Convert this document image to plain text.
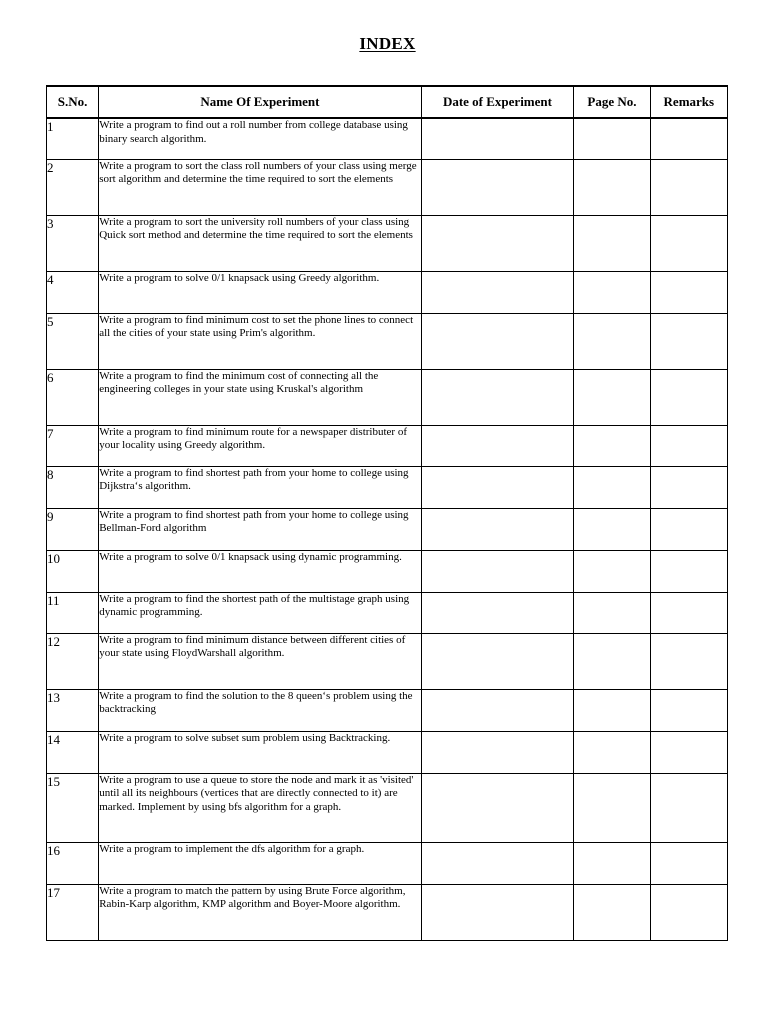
INDEX
S.No.	Name Of Experiment	Date of Experiment	Page No.	Remarks
1	Write a program to find out a roll number from college database using binary search algorithm.			
2	Write a program to sort the class roll numbers of your class using merge sort algorithm and determine the time required to sort the elements			
3	Write a program to sort the university roll numbers of your class using Quick sort method and determine the time required to sort the elements			
4	Write a program to solve 0/1 knapsack using Greedy algorithm.			
5	Write a program to find minimum cost to set the phone lines to connect all the cities of your state using Prim's algorithm.			
6	Write a program to find the minimum cost of connecting all the engineering colleges in your state using Kruskal's algorithm			
7	Write a program to find minimum route for a newspaper distributer of your locality using Greedy algorithm.			
8	Write a program to find shortest path from your home to college using Dijkstra‘s algorithm.			
9	Write a program to find shortest path from your home to college using Bellman-Ford algorithm			
10	Write a program to solve 0/1 knapsack using dynamic programming.			
11	Write a program to find the shortest path of the multistage graph using dynamic programming.			
12	Write a program to find minimum distance between different cities of your state using FloydWarshall algorithm.			
13	Write a program to find the solution to the 8 queen‘s problem using the backtracking			
14	Write a program to solve subset sum problem using Backtracking.			
15	Write a program to use a queue to store the node and mark it as 'visited' until all its neighbours (vertices that are directly connected to it) are marked. Implement by using bfs algorithm for a graph.			
16	Write a program to implement the dfs algorithm for a graph.			
17	Write a program to match the pattern by using Brute Force algorithm, Rabin-Karp algorithm, KMP algorithm and Boyer-Moore algorithm.			
